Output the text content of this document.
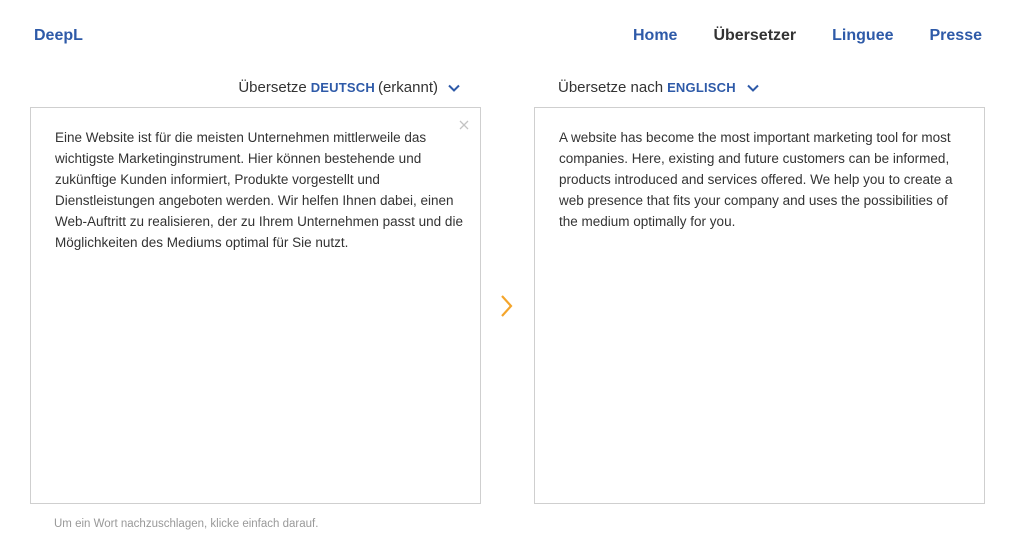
DeepL	Home Übersetzer Linguee Presse
Übersetze DEUTSCH (erkannt)	Übersetze nach ENGLISCH

Eine Website ist für die meisten Unternehmen mittlerweile das wichtigste Marketinginstrument. Hier können bestehende und zukünftige Kunden informiert, Produkte vorgestellt und Dienstleistungen angeboten werden. Wir helfen Ihnen dabei, einen Web-Auftritt zu realisieren, der zu Ihrem Unternehmen passt und die Möglichkeiten des Mediums optimal für Sie nutzt.

A website has become the most important marketing tool for most companies. Here, existing and future customers can be informed, products introduced and services offered. We help you to create a web presence that fits your company and uses the possibilities of the medium optimally for you.

Um ein Wort nachzuschlagen, klicke einfach darauf.
